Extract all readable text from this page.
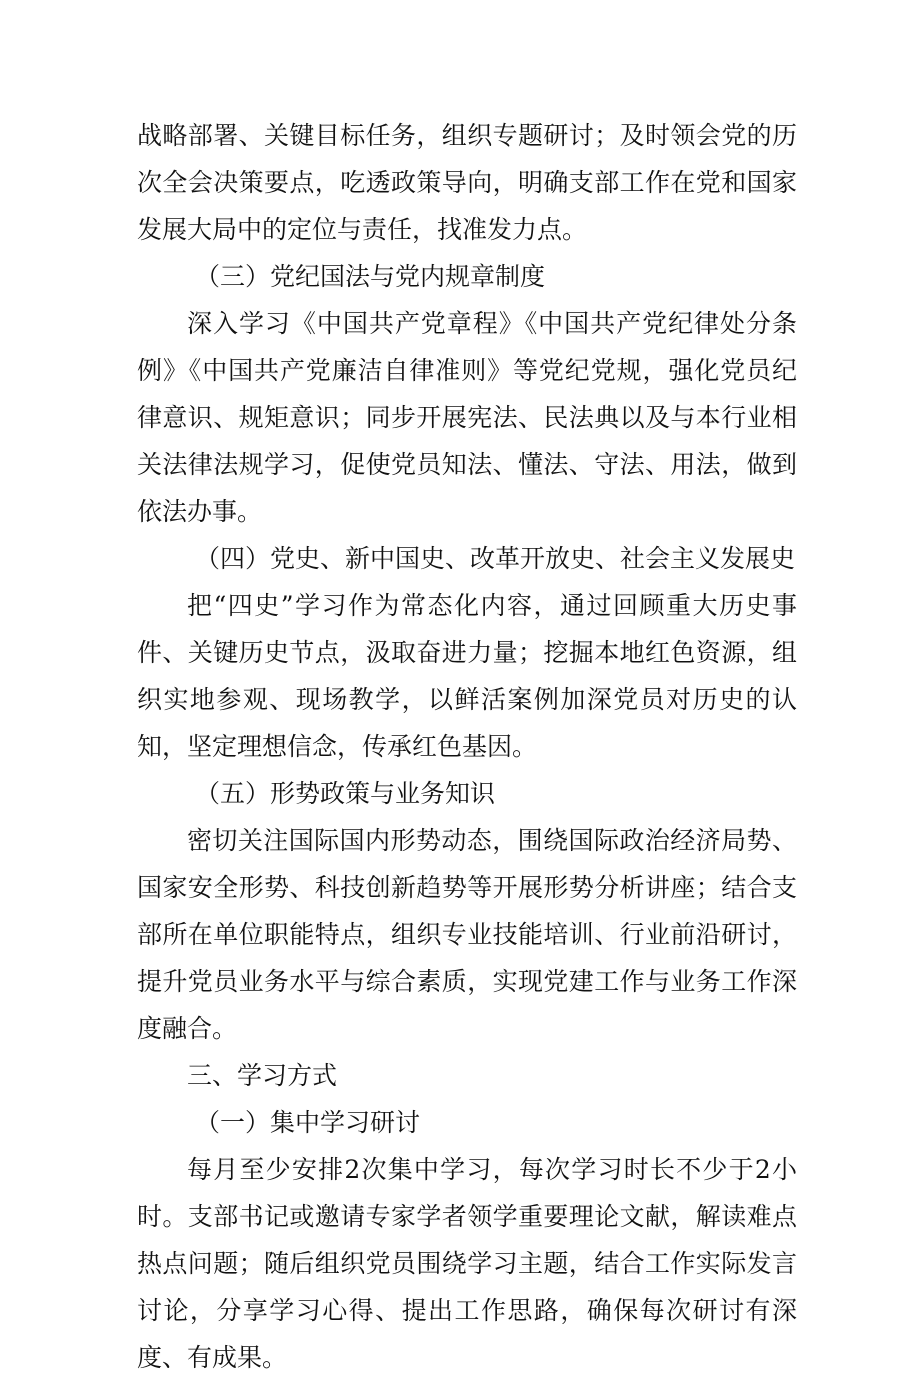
战略部署、关键目标任务，组织专题研讨；及时领会党的历次全会决策要点，吃透政策导向，明确支部工作在党和国家发展大局中的定位与责任，找准发力点。

（三）党纪国法与党内规章制度

深入学习《中国共产党章程》《中国共产党纪律处分条例》《中国共产党廉洁自律准则》等党纪党规，强化党员纪律意识、规矩意识；同步开展宪法、民法典以及与本行业相关法律法规学习，促使党员知法、懂法、守法、用法，做到依法办事。

（四）党史、新中国史、改革开放史、社会主义发展史

把“四史”学习作为常态化内容，通过回顾重大历史事件、关键历史节点，汲取奋进力量；挖掘本地红色资源，组织实地参观、现场教学，以鲜活案例加深党员对历史的认知，坚定理想信念，传承红色基因。

（五）形势政策与业务知识

密切关注国际国内形势动态，围绕国际政治经济局势、国家安全形势、科技创新趋势等开展形势分析讲座；结合支部所在单位职能特点，组织专业技能培训、行业前沿研讨，提升党员业务水平与综合素质，实现党建工作与业务工作深度融合。

三、学习方式

（一）集中学习研讨

每月至少安排2次集中学习，每次学习时长不少于2小时。支部书记或邀请专家学者领学重要理论文献，解读难点热点问题；随后组织党员围绕学习主题，结合工作实际发言讨论，分享学习心得、提出工作思路，确保每次研讨有深度、有成果。
